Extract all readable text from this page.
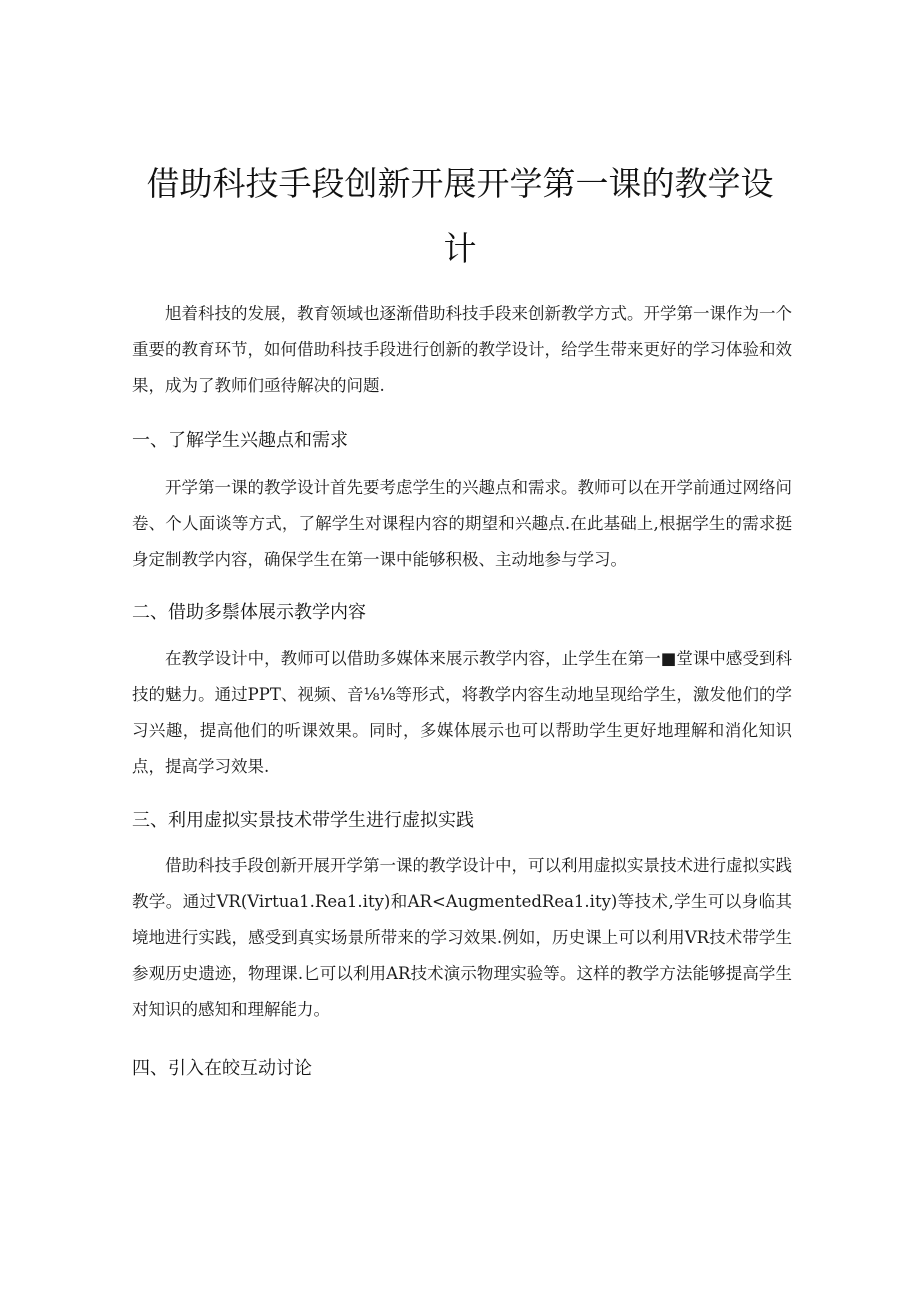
借助科技手段创新开展开学第一课的教学设
计

旭着科技的发展，教育领域也逐渐借助科技手段来创新教学方式。开学第一课作为一个重要的教育环节，如何借助科技手段进行创新的教学设计，给学生带来更好的学习体验和效果，成为了教师们亟待解决的问题.

一、了解学生兴趣点和需求

开学第一课的教学设计首先要考虑学生的兴趣点和需求。教师可以在开学前通过网络问卷、个人面谈等方式，了解学生对课程内容的期望和兴趣点.在此基础上,根据学生的需求挺身定制教学内容，确保学生在第一课中能够积极、主动地参与学习。

二、借助多鬃体展示教学内容

在教学设计中，教师可以借助多媒体来展示教学内容，止学生在第一■堂课中感受到科技的魅力。通过PPT、视频、音⅛⅛等形式，将教学内容生动地呈现给学生，激发他们的学习兴趣，提高他们的听课效果。同时，多媒体展示也可以帮助学生更好地理解和消化知识点，提高学习效果.

三、利用虚拟实景技术带学生进行虚拟实践

借助科技手段创新开展开学第一课的教学设计中，可以利用虚拟实景技术进行虚拟实践教学。通过VR(Virtua1.Rea1.ity)和AR<AugmentedRea1.ity)等技术,学生可以身临其境地进行实践，感受到真实场景所带来的学习效果.例如，历史课上可以利用VR技术带学生参观历史遗迹，物理课.匕可以利用AR技术演示物理实验等。这样的教学方法能够提高学生对知识的感知和理解能力。

四、引入在皎互动讨论
